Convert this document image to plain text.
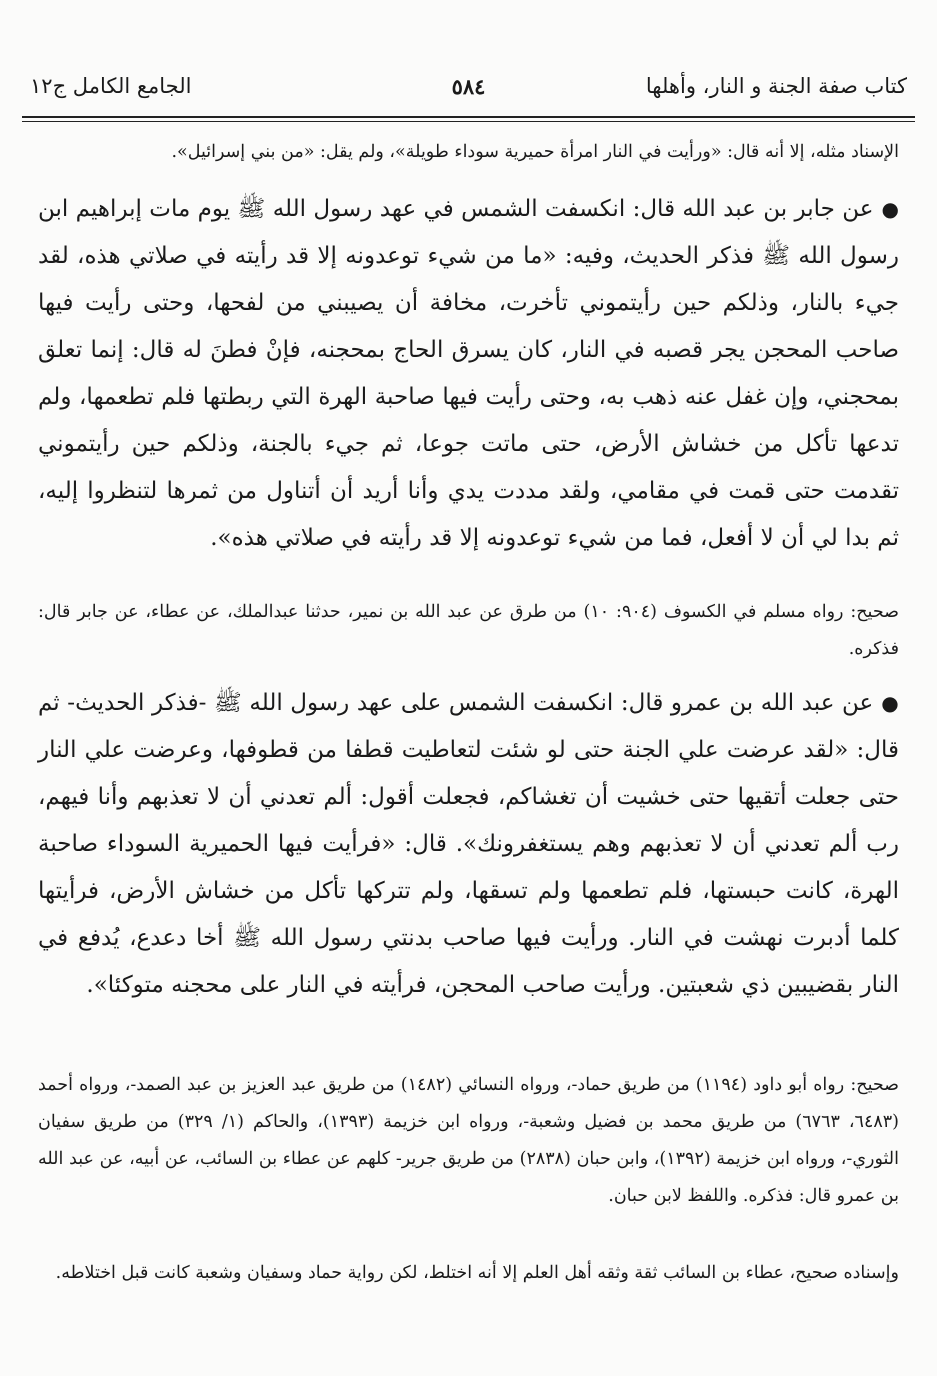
كتاب صفة الجنة و النار، وأهلها
٥٨٤
الجامع الكامل ج١٢
الإسناد مثله، إلا أنه قال: «ورأيت في النار امرأة حميرية سوداء طويلة»، ولم يقل: «من بني إسرائيل».
●عن جابر بن عبد الله قال: انكسفت الشمس في عهد رسول الله ﷺ يوم مات إبراهيم ابن رسول الله ﷺ فذكر الحديث، وفيه: «ما من شيء توعدونه إلا قد رأيته في صلاتي هذه، لقد جيء بالنار، وذلكم حين رأيتموني تأخرت، مخافة أن يصيبني من لفحها، وحتى رأيت فيها صاحب المحجن يجر قصبه في النار، كان يسرق الحاج بمحجنه، فإنْ فطنَ له قال: إنما تعلق بمحجني، وإن غفل عنه ذهب به، وحتى رأيت فيها صاحبة الهرة التي ربطتها فلم تطعمها، ولم تدعها تأكل من خشاش الأرض، حتى ماتت جوعا، ثم جيء بالجنة، وذلكم حين رأيتموني تقدمت حتى قمت في مقامي، ولقد مددت يدي وأنا أريد أن أتناول من ثمرها لتنظروا إليه، ثم بدا لي أن لا أفعل، فما من شيء توعدونه إلا قد رأيته في صلاتي هذه».
صحيح: رواه مسلم في الكسوف (٩٠٤: ١٠) من طرق عن عبد الله بن نمير، حدثنا عبدالملك، عن عطاء، عن جابر قال: فذكره.
●عن عبد الله بن عمرو قال: انكسفت الشمس على عهد رسول الله ﷺ -فذكر الحديث- ثم قال: «لقد عرضت علي الجنة حتى لو شئت لتعاطيت قطفا من قطوفها، وعرضت علي النار حتى جعلت أتقيها حتى خشيت أن تغشاكم، فجعلت أقول: ألم تعدني أن لا تعذبهم وأنا فيهم، رب ألم تعدني أن لا تعذبهم وهم يستغفرونك». قال: «فرأيت فيها الحميرية السوداء صاحبة الهرة، كانت حبستها، فلم تطعمها ولم تسقها، ولم تتركها تأكل من خشاش الأرض، فرأيتها كلما أدبرت نهشت في النار. ورأيت فيها صاحب بدنتي رسول الله ﷺ أخا دعدع، يُدفع في النار بقضيبين ذي شعبتين. ورأيت صاحب المحجن، فرأيته في النار على محجنه متوكئا».
صحيح: رواه أبو داود (١١٩٤) من طريق حماد-، ورواه النسائي (١٤٨٢) من طريق عبد العزيز بن عبد الصمد-، ورواه أحمد (٦٤٨٣، ٦٧٦٣) من طريق محمد بن فضيل وشعبة-، ورواه ابن خزيمة (١٣٩٣)، والحاكم (١/ ٣٢٩) من طريق سفيان الثوري-، ورواه ابن خزيمة (١٣٩٢)، وابن حبان (٢٨٣٨) من طريق جرير- كلهم عن عطاء بن السائب، عن أبيه، عن عبد الله بن عمرو قال: فذكره. واللفظ لابن حبان.
وإسناده صحيح، عطاء بن السائب ثقة وثقه أهل العلم إلا أنه اختلط، لكن رواية حماد وسفيان وشعبة كانت قبل اختلاطه.
